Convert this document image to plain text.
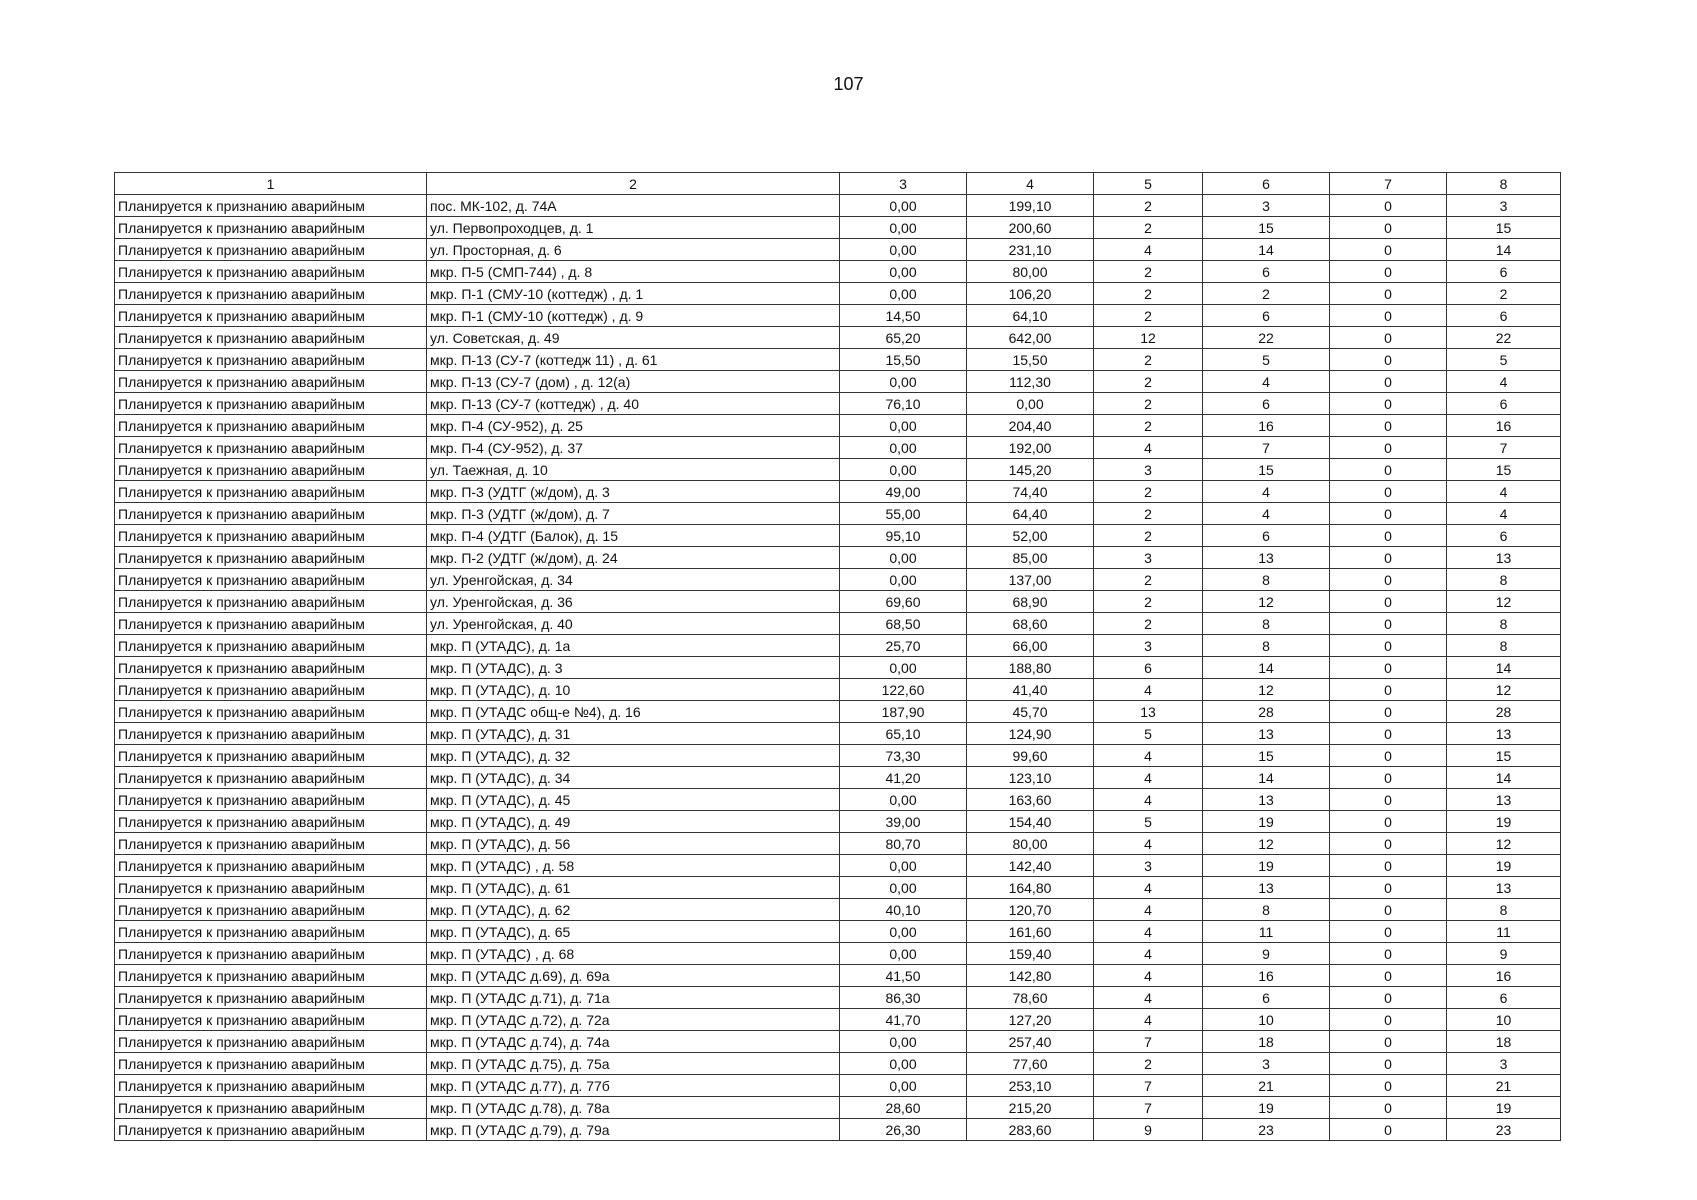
107
1	2	3	4	5	6	7	8
Планируется к признанию аварийным	пос. МК-102, д. 74А	0,00	199,10	2	3	0	3
Планируется к признанию аварийным	ул. Первопроходцев, д. 1	0,00	200,60	2	15	0	15
Планируется к признанию аварийным	ул. Просторная, д. 6	0,00	231,10	4	14	0	14
Планируется к признанию аварийным	мкр. П-5 (СМП-744) , д. 8	0,00	80,00	2	6	0	6
Планируется к признанию аварийным	мкр. П-1 (СМУ-10 (коттедж) , д. 1	0,00	106,20	2	2	0	2
Планируется к признанию аварийным	мкр. П-1 (СМУ-10 (коттедж) , д. 9	14,50	64,10	2	6	0	6
Планируется к признанию аварийным	ул. Советская, д. 49	65,20	642,00	12	22	0	22
Планируется к признанию аварийным	мкр. П-13 (СУ-7 (коттедж 11) , д. 61	15,50	15,50	2	5	0	5
Планируется к признанию аварийным	мкр. П-13 (СУ-7 (дом) , д. 12(а)	0,00	112,30	2	4	0	4
Планируется к признанию аварийным	мкр. П-13 (СУ-7 (коттедж) , д. 40	76,10	0,00	2	6	0	6
Планируется к признанию аварийным	мкр. П-4 (СУ-952), д. 25	0,00	204,40	2	16	0	16
Планируется к признанию аварийным	мкр. П-4 (СУ-952), д. 37	0,00	192,00	4	7	0	7
Планируется к признанию аварийным	ул. Таежная, д. 10	0,00	145,20	3	15	0	15
Планируется к признанию аварийным	мкр. П-3 (УДТГ (ж/дом), д. 3	49,00	74,40	2	4	0	4
Планируется к признанию аварийным	мкр. П-3 (УДТГ (ж/дом), д. 7	55,00	64,40	2	4	0	4
Планируется к признанию аварийным	мкр. П-4 (УДТГ (Балок), д. 15	95,10	52,00	2	6	0	6
Планируется к признанию аварийным	мкр. П-2 (УДТГ (ж/дом), д. 24	0,00	85,00	3	13	0	13
Планируется к признанию аварийным	ул. Уренгойская, д. 34	0,00	137,00	2	8	0	8
Планируется к признанию аварийным	ул. Уренгойская, д. 36	69,60	68,90	2	12	0	12
Планируется к признанию аварийным	ул. Уренгойская, д. 40	68,50	68,60	2	8	0	8
Планируется к признанию аварийным	мкр. П (УТАДС), д. 1а	25,70	66,00	3	8	0	8
Планируется к признанию аварийным	мкр. П (УТАДС), д. 3	0,00	188,80	6	14	0	14
Планируется к признанию аварийным	мкр. П (УТАДС), д. 10	122,60	41,40	4	12	0	12
Планируется к признанию аварийным	мкр. П (УТАДС общ-е №4), д. 16	187,90	45,70	13	28	0	28
Планируется к признанию аварийным	мкр. П (УТАДС), д. 31	65,10	124,90	5	13	0	13
Планируется к признанию аварийным	мкр. П (УТАДС), д. 32	73,30	99,60	4	15	0	15
Планируется к признанию аварийным	мкр. П (УТАДС), д. 34	41,20	123,10	4	14	0	14
Планируется к признанию аварийным	мкр. П (УТАДС), д. 45	0,00	163,60	4	13	0	13
Планируется к признанию аварийным	мкр. П (УТАДС), д. 49	39,00	154,40	5	19	0	19
Планируется к признанию аварийным	мкр. П (УТАДС), д. 56	80,70	80,00	4	12	0	12
Планируется к признанию аварийным	мкр. П (УТАДС) , д. 58	0,00	142,40	3	19	0	19
Планируется к признанию аварийным	мкр. П (УТАДС), д. 61	0,00	164,80	4	13	0	13
Планируется к признанию аварийным	мкр. П (УТАДС), д. 62	40,10	120,70	4	8	0	8
Планируется к признанию аварийным	мкр. П (УТАДС), д. 65	0,00	161,60	4	11	0	11
Планируется к признанию аварийным	мкр. П (УТАДС) , д. 68	0,00	159,40	4	9	0	9
Планируется к признанию аварийным	мкр. П (УТАДС д.69), д. 69а	41,50	142,80	4	16	0	16
Планируется к признанию аварийным	мкр. П (УТАДС д.71), д. 71а	86,30	78,60	4	6	0	6
Планируется к признанию аварийным	мкр. П (УТАДС д.72), д. 72а	41,70	127,20	4	10	0	10
Планируется к признанию аварийным	мкр. П (УТАДС д.74), д. 74а	0,00	257,40	7	18	0	18
Планируется к признанию аварийным	мкр. П (УТАДС д.75), д. 75а	0,00	77,60	2	3	0	3
Планируется к признанию аварийным	мкр. П (УТАДС д.77), д. 77б	0,00	253,10	7	21	0	21
Планируется к признанию аварийным	мкр. П (УТАДС д.78), д. 78а	28,60	215,20	7	19	0	19
Планируется к признанию аварийным	мкр. П (УТАДС д.79), д. 79а	26,30	283,60	9	23	0	23
